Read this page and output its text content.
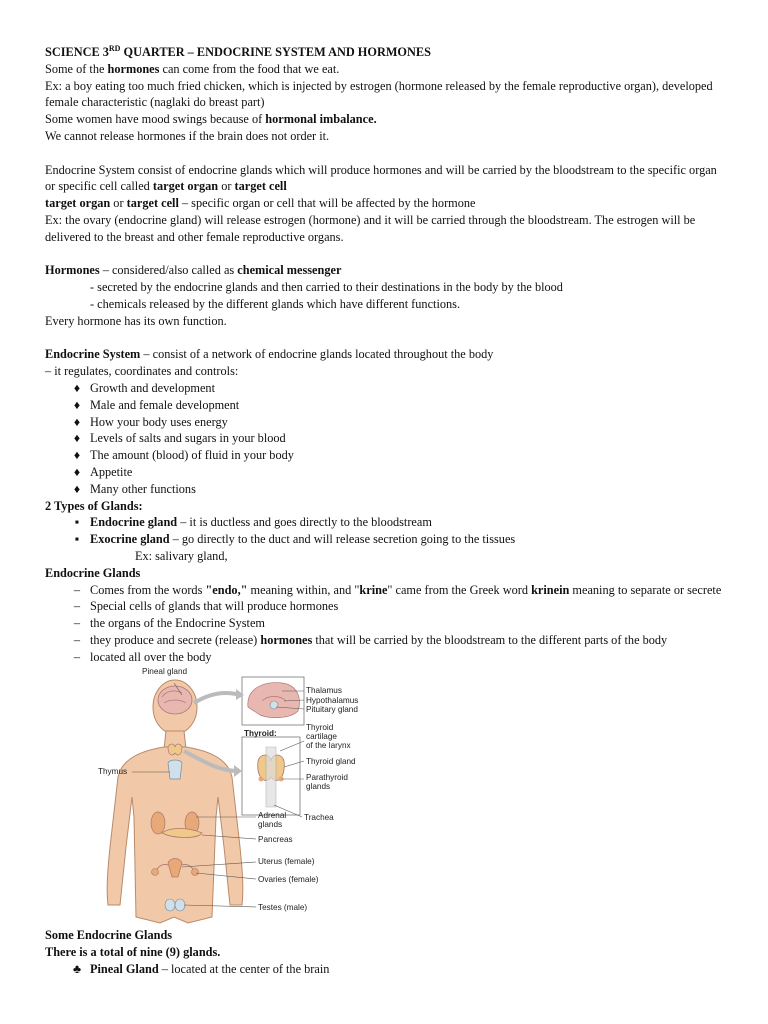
SCIENCE 3RD QUARTER – ENDOCRINE SYSTEM AND HORMONES

Some of the hormones can come from the food that we eat.

Ex: a boy eating too much fried chicken, which is injected by estrogen (hormone released by the female reproductive organ), developed female characteristic (naglaki do breast part)

Some women have mood swings because of hormonal imbalance.

We cannot release hormones if the brain does not order it.

Endocrine System consist of endocrine glands which will produce hormones and will be carried by the bloodstream to the specific organ or specific cell called target organ or target cell

target organ or target cell – specific organ or cell that will be affected by the hormone

Ex: the ovary (endocrine gland) will release estrogen (hormone) and it will be carried through the bloodstream. The estrogen will be delivered to the breast and other female reproductive organs.

Hormones – considered/also called as chemical messenger

- secreted by the endocrine glands and then carried to their destinations in the body by the blood

- chemicals released by the different glands which have different functions.

Every hormone has its own function.

Endocrine System – consist of a network of endocrine glands located throughout the body

– it regulates, coordinates and controls:

♦ Growth and development
♦ Male and female development
♦ How your body uses energy
♦ Levels of salts and sugars in your blood
♦ The amount (blood) of fluid in your body
♦ Appetite
♦ Many other functions

2 Types of Glands:

▪ Endocrine gland – it is ductless and goes directly to the bloodstream
▪ Exocrine gland – go directly to the duct and will release secretion going to the tissues

Ex: salivary gland,

Endocrine Glands

– Comes from the words "endo," meaning within, and "krine" came from the Greek word krinein meaning to separate or secrete
– Special cells of glands that will produce hormones
– the organs of the Endocrine System
– they produce and secrete (release) hormones that will be carried by the bloodstream to the different parts of the body
– located all over the body
Pineal gland
Thalamus
Hypothalamus
Pituitary gland
Thyroid:
Thyroid
cartilage
of the larynx
Thyroid gland
Parathyroid
glands
Trachea
Thymus
Adrenal
glands
Pancreas
Uterus (female)
Ovaries (female)
Testes (male)

Some Endocrine Glands

There is a total of nine (9) glands.

♣ Pineal Gland – located at the center of the brain
